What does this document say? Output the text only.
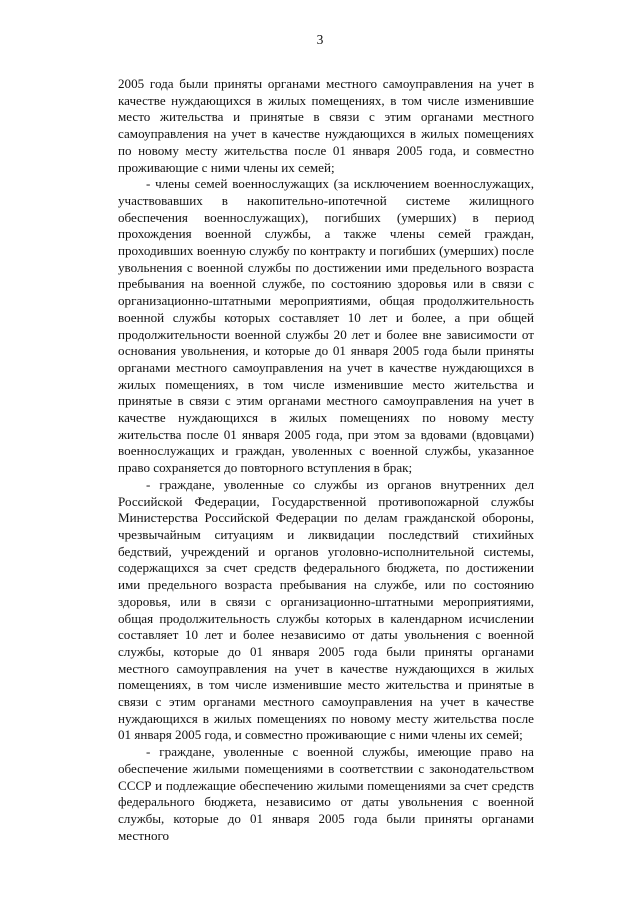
3

2005 года были приняты органами местного самоуправления на учет в качестве нуждающихся в жилых помещениях, в том числе изменившие место жительства и принятые в связи с этим органами местного самоуправления на учет в качестве нуждающихся в жилых помещениях по новому месту жительства после 01 января 2005 года, и совместно проживающие с ними члены их семей;

- члены семей военнослужащих (за исключением военнослужащих, участвовавших в накопительно-ипотечной системе жилищного обеспечения военнослужащих), погибших (умерших) в период прохождения военной службы, а также члены семей граждан, проходивших военную службу по контракту и погибших (умерших) после увольнения с военной службы по достижении ими предельного возраста пребывания на военной службе, по состоянию здоровья или в связи с организационно-штатными мероприятиями, общая продолжительность военной службы которых составляет 10 лет и более, а при общей продолжительности военной службы 20 лет и более вне зависимости от основания увольнения, и которые до 01 января 2005 года были приняты органами местного самоуправления на учет в качестве нуждающихся в жилых помещениях, в том числе изменившие место жительства и принятые в связи с этим органами местного самоуправления на учет в качестве нуждающихся в жилых помещениях по новому месту жительства после 01 января 2005 года, при этом за вдовами (вдовцами) военнослужащих и граждан, уволенных с военной службы, указанное право сохраняется до повторного вступления в брак;

- граждане, уволенные со службы из органов внутренних дел Российской Федерации, Государственной противопожарной службы Министерства Российской Федерации по делам гражданской обороны, чрезвычайным ситуациям и ликвидации последствий стихийных бедствий, учреждений и органов уголовно-исполнительной системы, содержащихся за счет средств федерального бюджета, по достижении ими предельного возраста пребывания на службе, или по состоянию здоровья, или в связи с организационно-штатными мероприятиями, общая продолжительность службы которых в календарном исчислении составляет 10 лет и более независимо от даты увольнения с военной службы, которые до 01 января 2005 года были приняты органами местного самоуправления на учет в качестве нуждающихся в жилых помещениях, в том числе изменившие место жительства и принятые в связи с этим органами местного самоуправления на учет в качестве нуждающихся в жилых помещениях по новому месту жительства после 01 января 2005 года, и совместно проживающие с ними члены их семей;

- граждане, уволенные с военной службы, имеющие право на обеспечение жилыми помещениями в соответствии с законодательством СССР и подлежащие обеспечению жилыми помещениями за счет средств федерального бюджета, независимо от даты увольнения с военной службы, которые до 01 января 2005 года были приняты органами местного
